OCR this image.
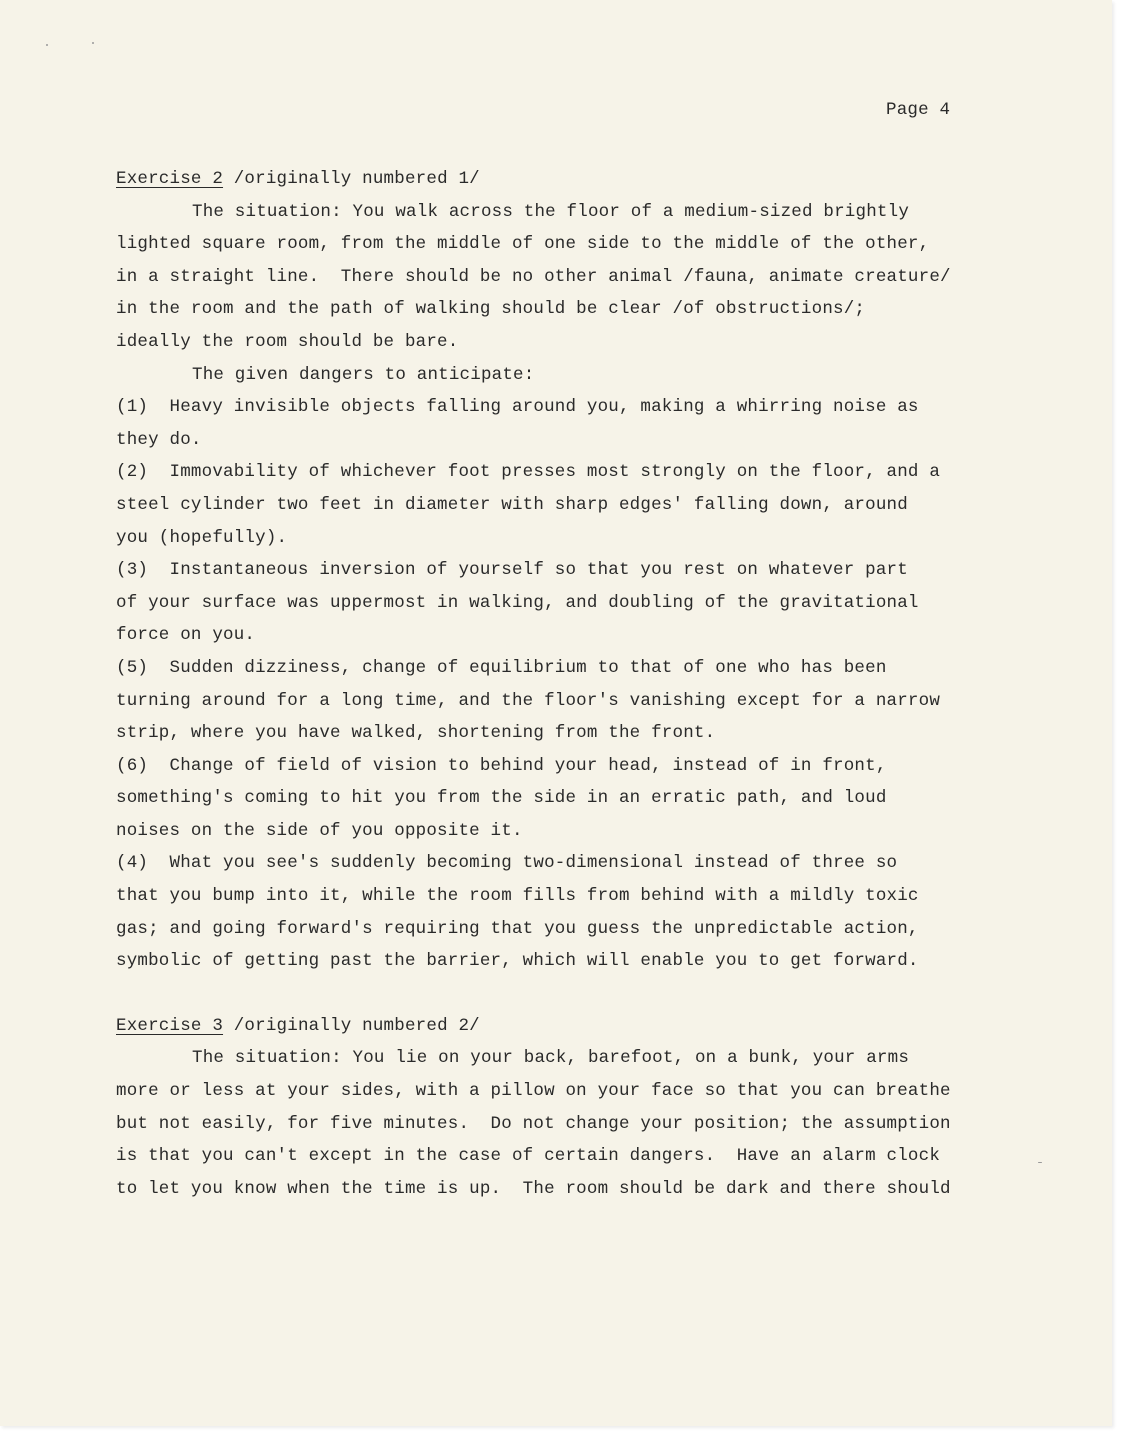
Page 4
Exercise 2 /originally numbered 1/
The situation: You walk across the floor of a medium-sized brightly
lighted square room, from the middle of one side to the middle of the other,
in a straight line.  There should be no other animal /fauna, animate creature/
in the room and the path of walking should be clear /of obstructions/;
ideally the room should be bare.
The given dangers to anticipate:
(1)  Heavy invisible objects falling around you, making a whirring noise as
they do.
(2)  Immovability of whichever foot presses most strongly on the floor, and a
steel cylinder two feet in diameter with sharp edges' falling down, around
you (hopefully).
(3)  Instantaneous inversion of yourself so that you rest on whatever part
of your surface was uppermost in walking, and doubling of the gravitational
force on you.
(5)  Sudden dizziness, change of equilibrium to that of one who has been
turning around for a long time, and the floor's vanishing except for a narrow
strip, where you have walked, shortening from the front.
(6)  Change of field of vision to behind your head, instead of in front,
something's coming to hit you from the side in an erratic path, and loud
noises on the side of you opposite it.
(4)  What you see's suddenly becoming two-dimensional instead of three so
that you bump into it, while the room fills from behind with a mildly toxic
gas; and going forward's requiring that you guess the unpredictable action,
symbolic of getting past the barrier, which will enable you to get forward.
Exercise 3 /originally numbered 2/
The situation: You lie on your back, barefoot, on a bunk, your arms
more or less at your sides, with a pillow on your face so that you can breathe
but not easily, for five minutes.  Do not change your position; the assumption
is that you can't except in the case of certain dangers.  Have an alarm clock
to let you know when the time is up.  The room should be dark and there should
